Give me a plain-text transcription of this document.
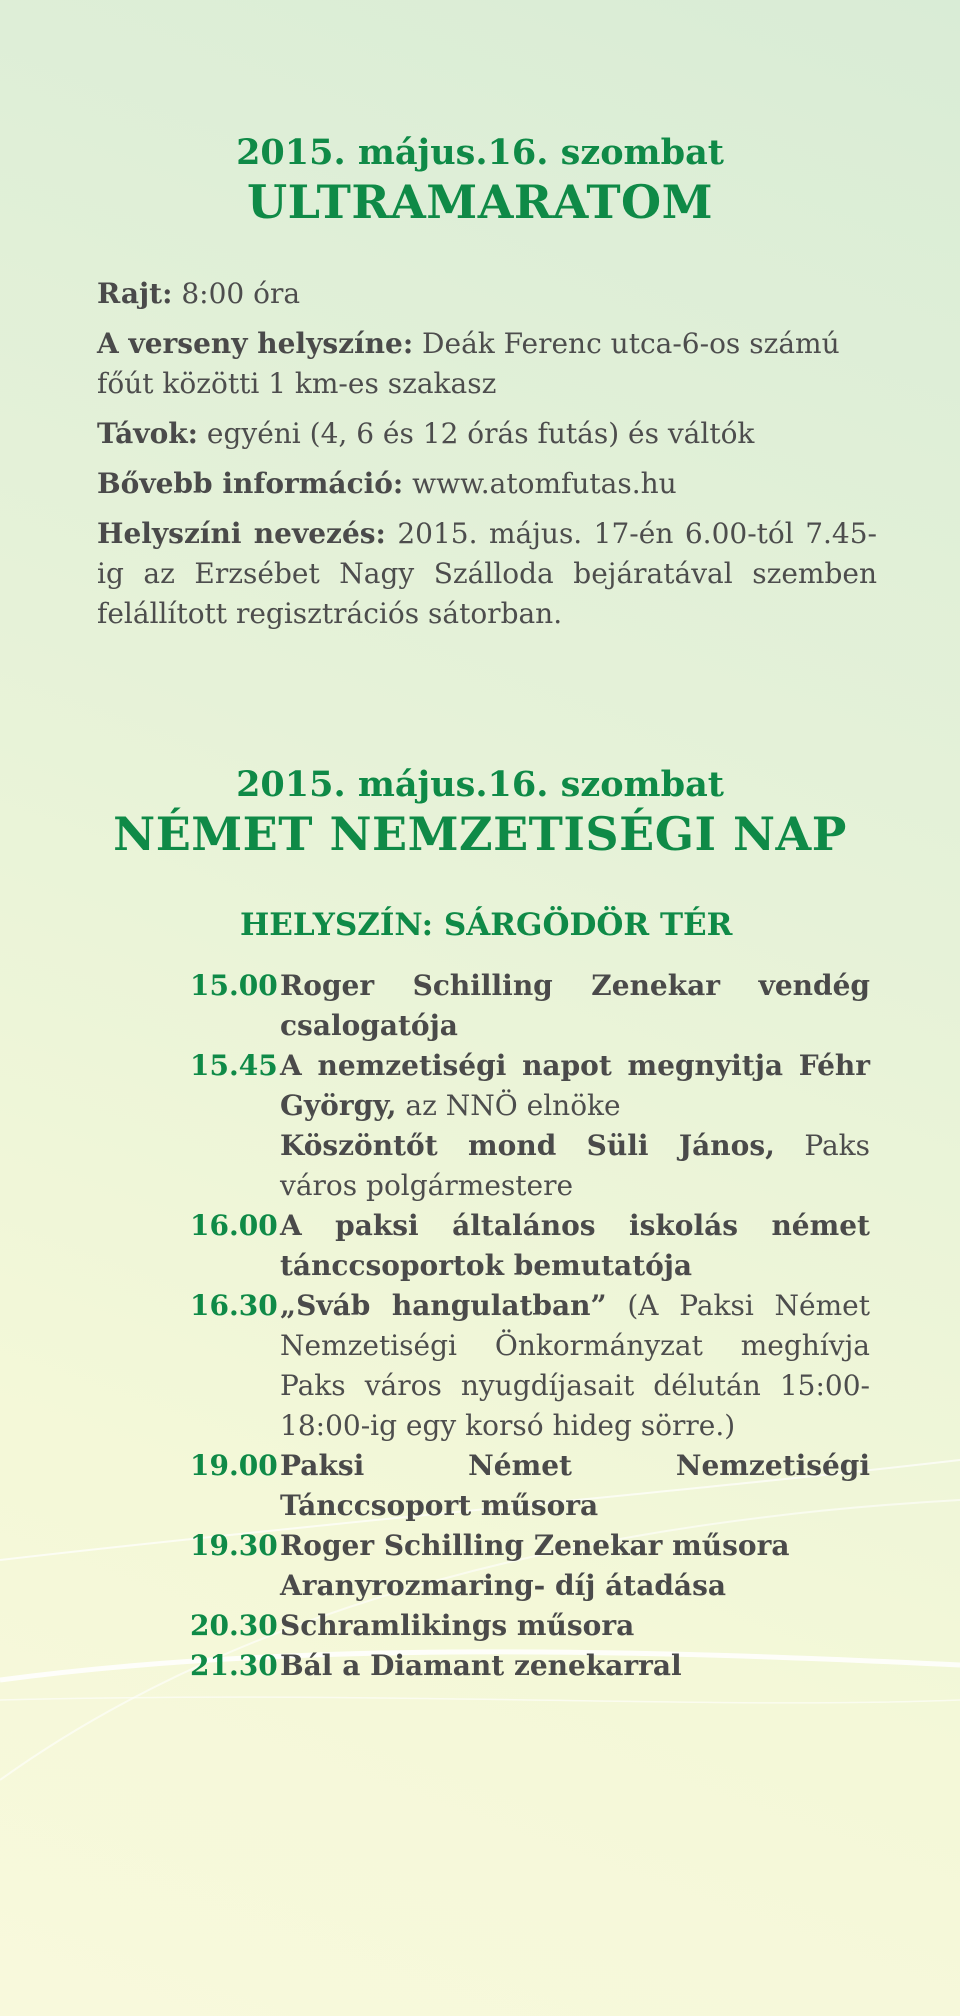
2015. május.16. szombat

ULTRAMARATOM

Rajt: 8:00 óra

A verseny helyszíne: Deák Ferenc utca-6-os számú főút közötti 1 km-es szakasz

Távok: egyéni (4, 6 és 12 órás futás) és váltók

Bővebb információ: www.atomfutas.hu

Helyszíni nevezés: 2015. május. 17-én 6.00-tól 7.45-ig az Erzsébet Nagy Szálloda bejáratával szemben felállított regisztrációs sátorban.

2015. május.16. szombat

NÉMET NEMZETISÉGI NAP

HELYSZÍN: SÁRGÖDÖR TÉR
15.00 Roger Schilling Zenekar vendég csalogatója
15.45 A nemzetiségi napot megnyitja Féhr György, az NNÖ elnöke
Köszöntőt mond Süli János, Paks város polgármestere
16.00 A paksi általános iskolás német tánccsoportok bemutatója
16.30 „Sváb hangulatban” (A Paksi Német Nemzetiségi Önkormányzat meghívja Paks város nyugdíjasait délután 15:00-18:00-ig egy korsó hideg sörre.)
19.00 Paksi Német Nemzetiségi Tánccsoport műsora
19.30 Roger Schilling Zenekar műsora
Aranyrozmaring- díj átadása
20.30 Schramlikings műsora
21.30 Bál a Diamant zenekarral
